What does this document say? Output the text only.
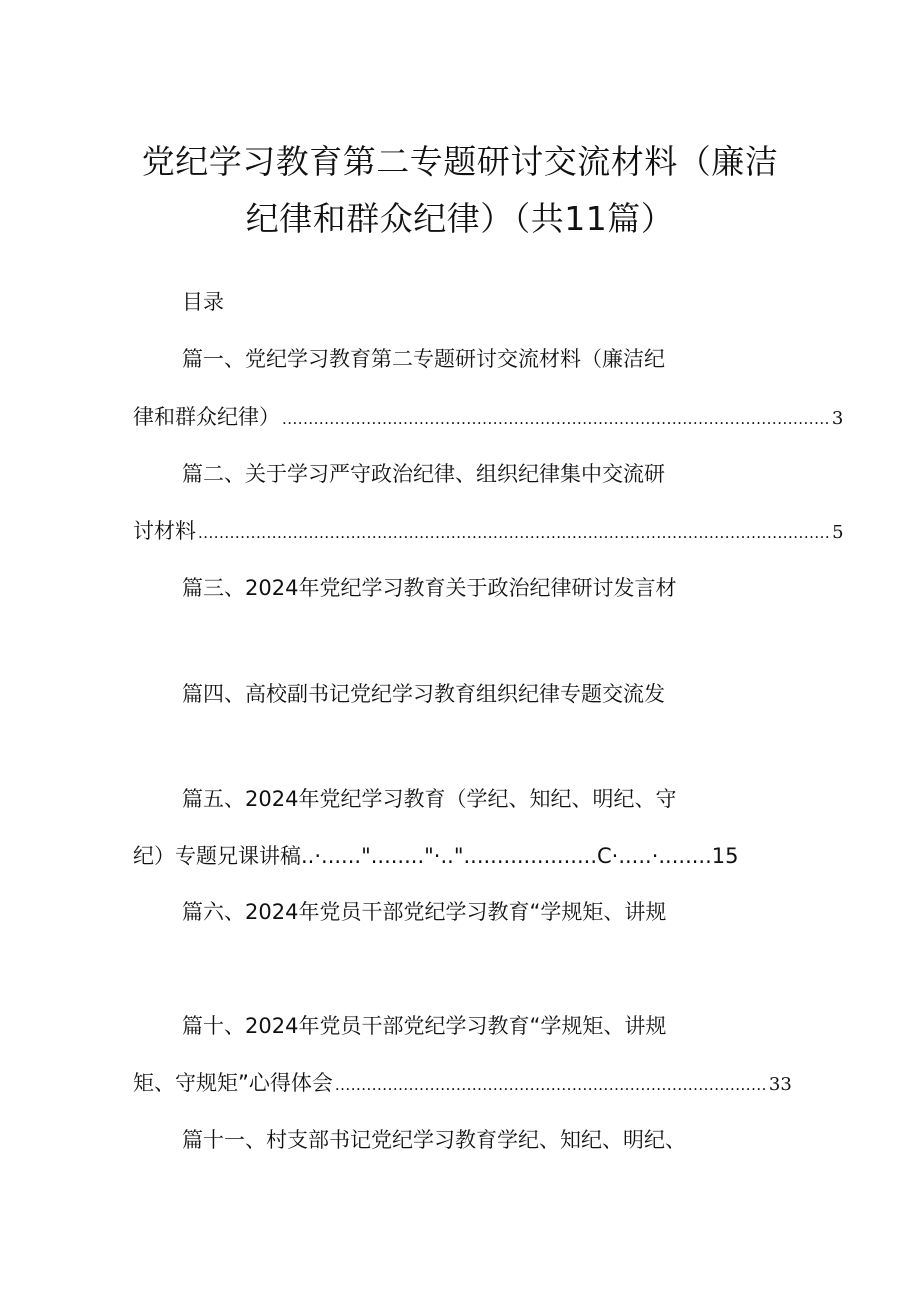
党纪学习教育第二专题研讨交流材料（廉洁
纪律和群众纪律）（共11篇）
目录
篇一、党纪学习教育第二专题研讨交流材料（廉洁纪
律和群众纪律） ........................................................................................................ 3
篇二、关于学习严守政治纪律、组织纪律集中交流研
讨材料 ........................................................................................................................ 5
篇三、2024年党纪学习教育关于政治纪律研讨发言材
篇四、高校副书记党纪学习教育组织纪律专题交流发
篇五、2024年党纪学习教育（学纪、知纪、明纪、守
纪）专题兄课讲稿..·......"........"·.."....................C·.....·........15
篇六、2024年党员干部党纪学习教育“学规矩、讲规
篇十、2024年党员干部党纪学习教育“学规矩、讲规
矩、守规矩”心得体会 .................................................................................. 33
篇十一、村支部书记党纪学习教育学纪、知纪、明纪、
